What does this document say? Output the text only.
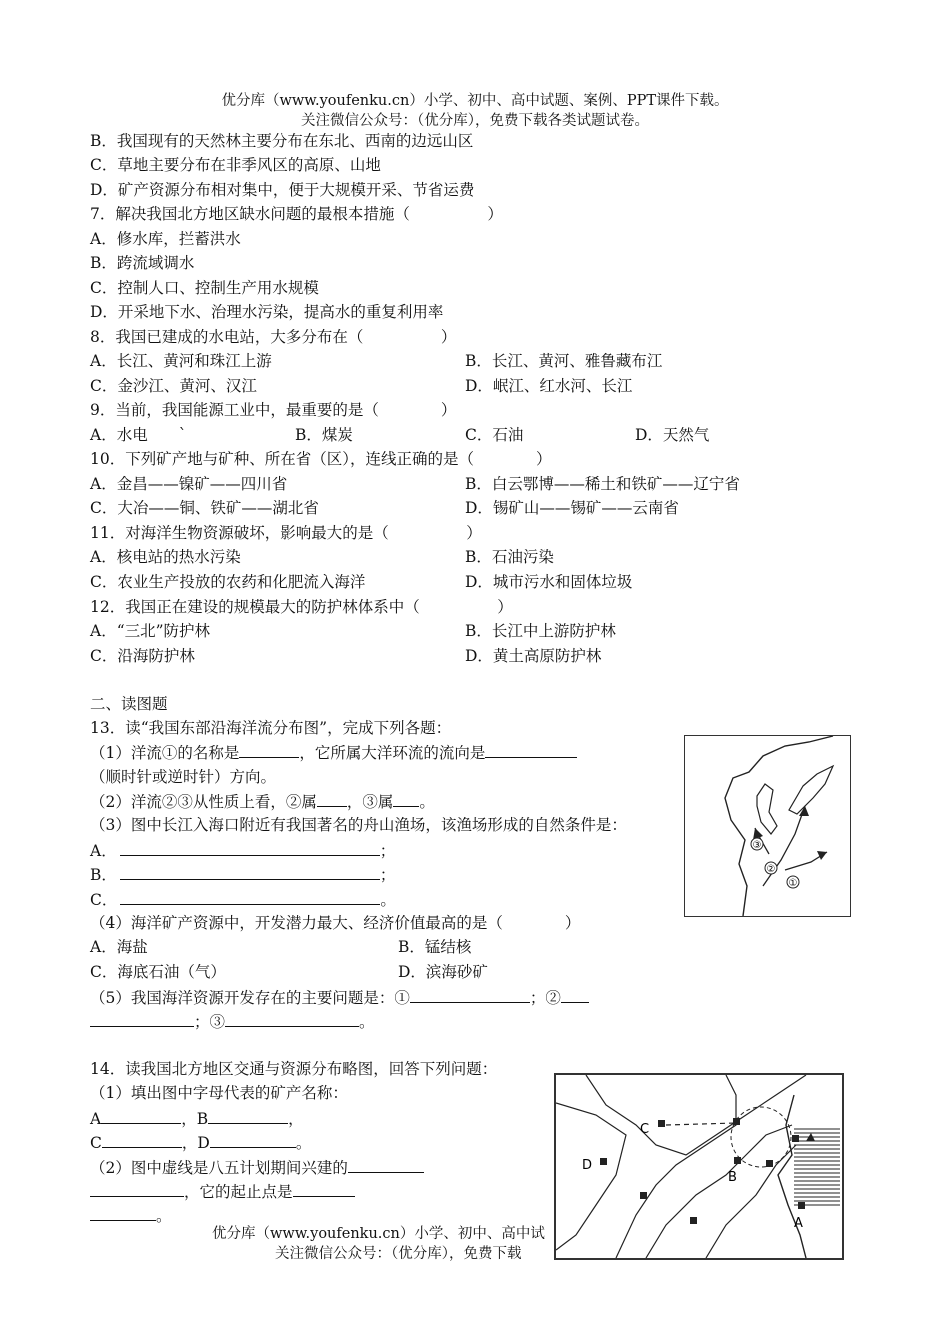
优分库（www.youfenku.cn）小学、初中、高中试题、案例、PPT课件下载。
关注微信公众号：（优分库），免费下载各类试题试卷。
B．我国现有的天然林主要分布在东北、西南的边远山区
C．草地主要分布在非季风区的高原、山地
D．矿产资源分布相对集中，便于大规模开采、节省运费
7．解决我国北方地区缺水问题的最根本措施（　　　　　）
A．修水库，拦蓄洪水
B．跨流域调水
C．控制人口、控制生产用水规模
D．开采地下水、治理水污染，提高水的重复利用率
8．我国已建成的水电站，大多分布在（　　　　　）
A．长江、黄河和珠江上游	B．长江、黄河、雅鲁藏布江
C．金沙江、黄河、汉江	D．岷江、红水河、长江
9．当前，我国能源工业中，最重要的是（　　　　）
A．水电　　`	B．煤炭	C．石油	D．天然气
10．下列矿产地与矿种、所在省（区），连线正确的是（　　　　）
A．金昌——镍矿——四川省	B．白云鄂博——稀土和铁矿——辽宁省
C．大冶——铜、铁矿——湖北省	D．锡矿山——锡矿——云南省
11．对海洋生物资源破坏，影响最大的是（　　　　　）
A．核电站的热水污染	B．石油污染
C．农业生产投放的农药和化肥流入海洋	D．城市污水和固体垃圾
12．我国正在建设的规模最大的防护林体系中（　　　　　）
A．“三北”防护林	B．长江中上游防护林
C．沿海防护林	D．黄土高原防护林
二、读图题
13．读“我国东部沿海洋流分布图”，完成下列各题：
（1）洋流①的名称是	，它所属大洋环流的流向是
（顺时针或逆时针）方向。
（2）洋流②③从性质上看，②属 ，③属 。
（3）图中长江入海口附近有我国著名的舟山渔场，该渔场形成的自然条件是：
A．	；
B．	；
C．	。
（4）海洋矿产资源中，开发潜力最大、经济价值最高的是（　　　　）
A．海盐	B．锰结核
C．海底石油（气）	D．滨海砂矿
（5）我国海洋资源开发存在的主要问题是：①	；②
；③	。
①
②
③
14．读我国北方地区交通与资源分布略图，回答下列问题：
（1）填出图中字母代表的矿产名称：
A	，B	，
C	，D	。
（2）图中虚线是八五计划期间兴建的
，它的起止点是
。
C
D
B
A
优分库（www.youfenku.cn）小学、初中、高中试
关注微信公众号：（优分库），免费下载
